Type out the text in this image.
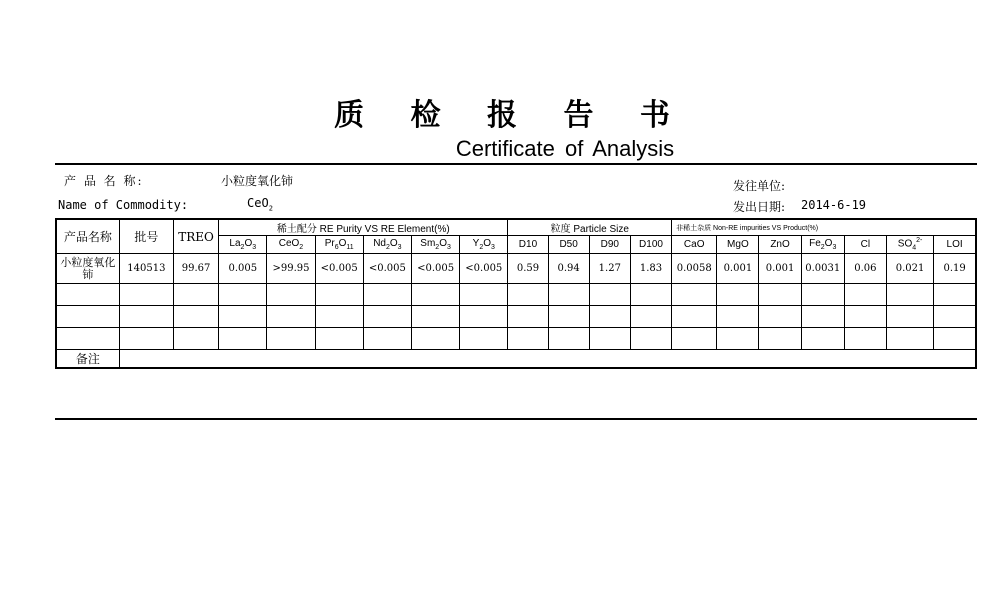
质 检 报 告 书
Certificate of Analysis
产 品 名 称:	小粒度氧化铈
Name of Commodity:	CeO$_2$
发往单位:
发出日期: 2014-6-19
产品名称	批号	TREO	稀土配分 RE Purity VS RE Element(%)						粒度 Particle Size				非稀土杂质 Non-RE impurities VS Product(%)						
			$La_2O_3$	CeO$_2$	$Pr_6O_{11}$	$Nd_2O_3$	$Sm_2O_3$	$Y_2O_3$	D10	D50	D90	D100	CaO	MgO	ZnO	$Fe_2O_3$	Cl	$SO_4^{2-}$	LOI
小粒度氧化铈	140513	99.67	0.005	>99.95	<0.005	<0.005	<0.005	<0.005	0.59	0.94	1.27	1.83	0.0058	0.001	0.001	0.0031	0.06	0.021	0.19

备注																			
